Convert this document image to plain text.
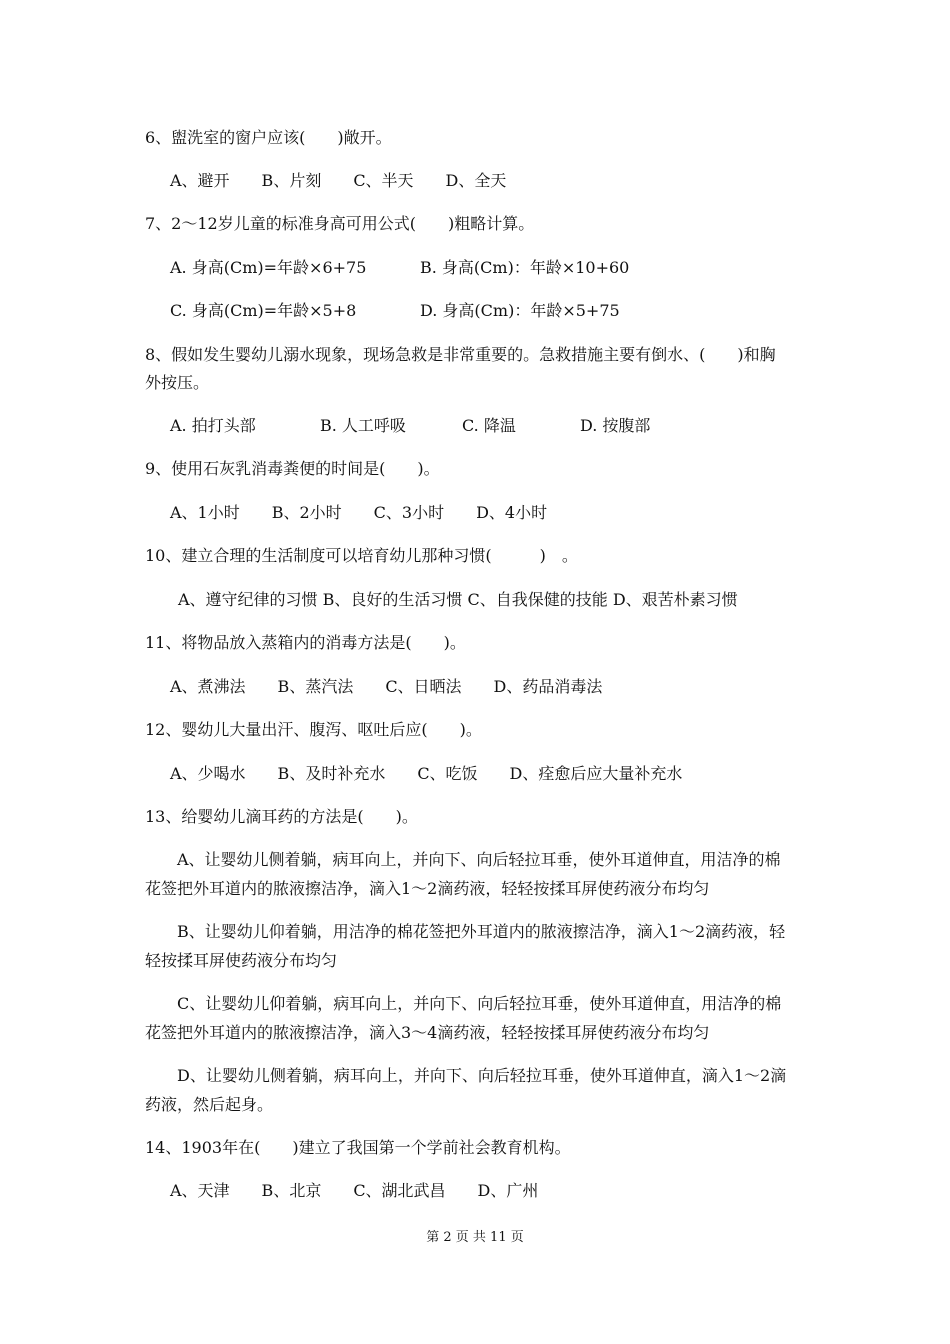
6、盥洗室的窗户应该(　　)敞开。
A、避开　　B、片刻　　C、半天　　D、全天
7、2～12岁儿童的标准身高可用公式(　　)粗略计算。
A. 身高(Cm)=年龄×6+75	B. 身高(Cm)：年龄×10+60
C. 身高(Cm)=年龄×5+8	D. 身高(Cm)：年龄×5+75
8、假如发生婴幼儿溺水现象，现场急救是非常重要的。急救措施主要有倒水、(　　)和胸
外按压。
A. 拍打头部	B. 人工呼吸	C. 降温	D. 按腹部
9、使用石灰乳消毒粪便的时间是(　　)。
A、1小时　　B、2小时　　C、3小时　　D、4小时
10、建立合理的生活制度可以培育幼儿那种习惯(　　　)　。
A、遵守纪律的习惯 B、良好的生活习惯 C、自我保健的技能 D、艰苦朴素习惯
11、将物品放入蒸箱内的消毒方法是(　　)。
A、煮沸法　　B、蒸汽法　　C、日晒法　　D、药品消毒法
12、婴幼儿大量出汗、腹泻、呕吐后应(　　)。
A、少喝水　　B、及时补充水　　C、吃饭　　D、痊愈后应大量补充水
13、给婴幼儿滴耳药的方法是(　　)。
　　A、让婴幼儿侧着躺，病耳向上，并向下、向后轻拉耳垂，使外耳道伸直，用洁净的棉
花签把外耳道内的脓液擦洁净，滴入1～2滴药液，轻轻按揉耳屏使药液分布均匀
　　B、让婴幼儿仰着躺，用洁净的棉花签把外耳道内的脓液擦洁净，滴入1～2滴药液，轻
轻按揉耳屏使药液分布均匀
　　C、让婴幼儿仰着躺，病耳向上，并向下、向后轻拉耳垂，使外耳道伸直，用洁净的棉
花签把外耳道内的脓液擦洁净，滴入3～4滴药液，轻轻按揉耳屏使药液分布均匀
　　D、让婴幼儿侧着躺，病耳向上，并向下、向后轻拉耳垂，使外耳道伸直，滴入1～2滴
药液，然后起身。
14、1903年在(　　)建立了我国第一个学前社会教育机构。
A、天津　　B、北京　　C、湖北武昌　　D、广州
第 2 页 共 11 页
